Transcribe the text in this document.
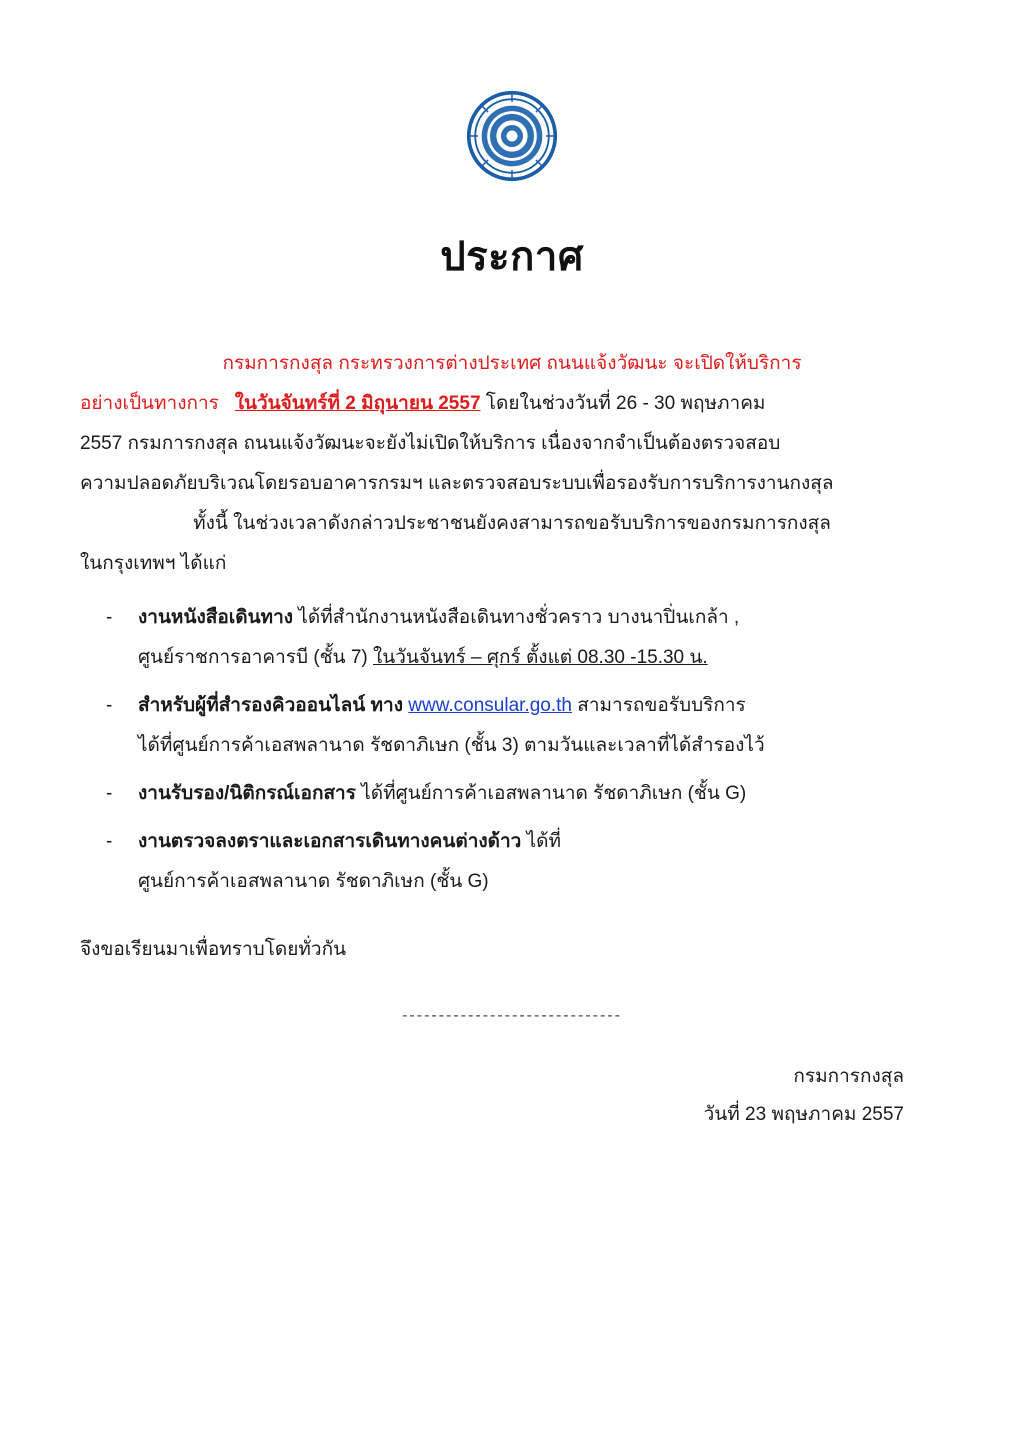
ประกาศ
กรมการกงสุล กระทรวงการต่างประเทศ ถนนแจ้งวัฒนะ จะเปิดให้บริการ
อย่างเป็นทางการ ในวันจันทร์ที่ 2 มิถุนายน 2557 โดยในช่วงวันที่ 26 - 30 พฤษภาคม
2557 กรมการกงสุล ถนนแจ้งวัฒนะจะยังไม่เปิดให้บริการ เนื่องจากจำเป็นต้องตรวจสอบ
ความปลอดภัยบริเวณโดยรอบอาคารกรมฯ และตรวจสอบระบบเพื่อรองรับการบริการงานกงสุล
ทั้งนี้ ในช่วงเวลาดังกล่าวประชาชนยังคงสามารถขอรับบริการของกรมการกงสุล
ในกรุงเทพฯ ได้แก่
- งานหนังสือเดินทาง ได้ที่สำนักงานหนังสือเดินทางชั่วคราว บางนาปิ่นเกล้า ,
ศูนย์ราชการอาคารบี (ชั้น 7) ในวันจันทร์ – ศุกร์ ตั้งแต่ 08.30 -15.30 น.
- สำหรับผู้ที่สำรองคิวออนไลน์ ทาง www.consular.go.th สามารถขอรับบริการ
ได้ที่ศูนย์การค้าเอสพลานาด รัชดาภิเษก (ชั้น 3) ตามวันและเวลาที่ได้สำรองไว้
- งานรับรอง/นิติกรณ์เอกสาร ได้ที่ศูนย์การค้าเอสพลานาด รัชดาภิเษก (ชั้น G)
- งานตรวจลงตราและเอกสารเดินทางคนต่างด้าว ได้ที่
ศูนย์การค้าเอสพลานาด รัชดาภิเษก (ชั้น G)
จึงขอเรียนมาเพื่อทราบโดยทั่วกัน
------------------------------
กรมการกงสุล
วันที่ 23 พฤษภาคม 2557
